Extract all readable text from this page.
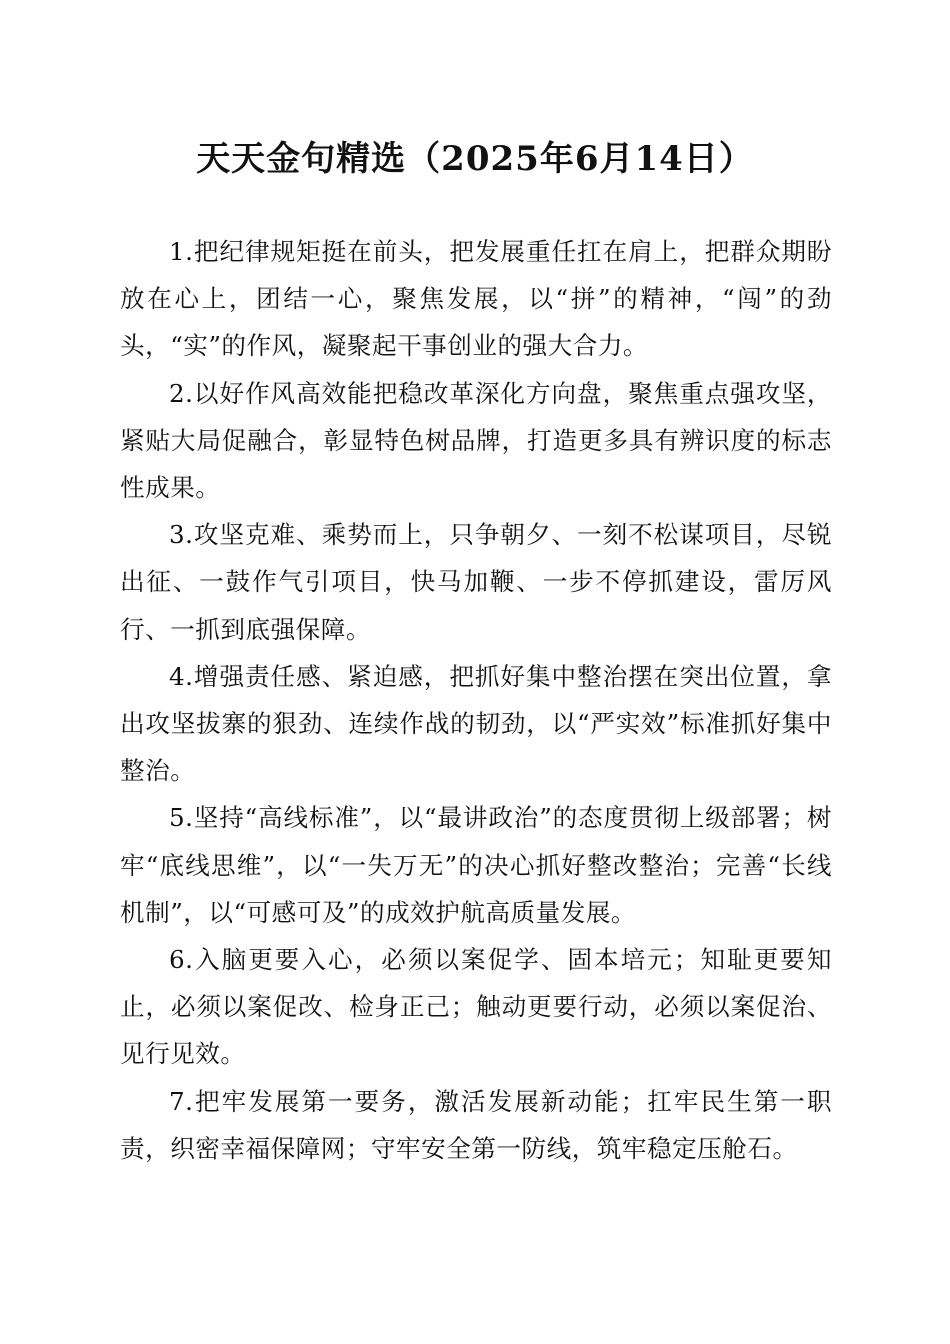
天天金句精选（2025年6月14日）

1.把纪律规矩挺在前头，把发展重任扛在肩上，把群众期盼放在心上，团结一心，聚焦发展，以“拼”的精神，“闯”的劲头，“实”的作风，凝聚起干事创业的强大合力。

2.以好作风高效能把稳改革深化方向盘，聚焦重点强攻坚，紧贴大局促融合，彰显特色树品牌，打造更多具有辨识度的标志性成果。

3.攻坚克难、乘势而上，只争朝夕、一刻不松谋项目，尽锐出征、一鼓作气引项目，快马加鞭、一步不停抓建设，雷厉风行、一抓到底强保障。

4.增强责任感、紧迫感，把抓好集中整治摆在突出位置，拿出攻坚拔寨的狠劲、连续作战的韧劲，以“严实效”标准抓好集中整治。

5.坚持“高线标准”，以“最讲政治”的态度贯彻上级部署；树牢“底线思维”，以“一失万无”的决心抓好整改整治；完善“长线机制”，以“可感可及”的成效护航高质量发展。

6.入脑更要入心，必须以案促学、固本培元；知耻更要知止，必须以案促改、检身正己；触动更要行动，必须以案促治、见行见效。

7.把牢发展第一要务，激活发展新动能；扛牢民生第一职责，织密幸福保障网；守牢安全第一防线，筑牢稳定压舱石。
